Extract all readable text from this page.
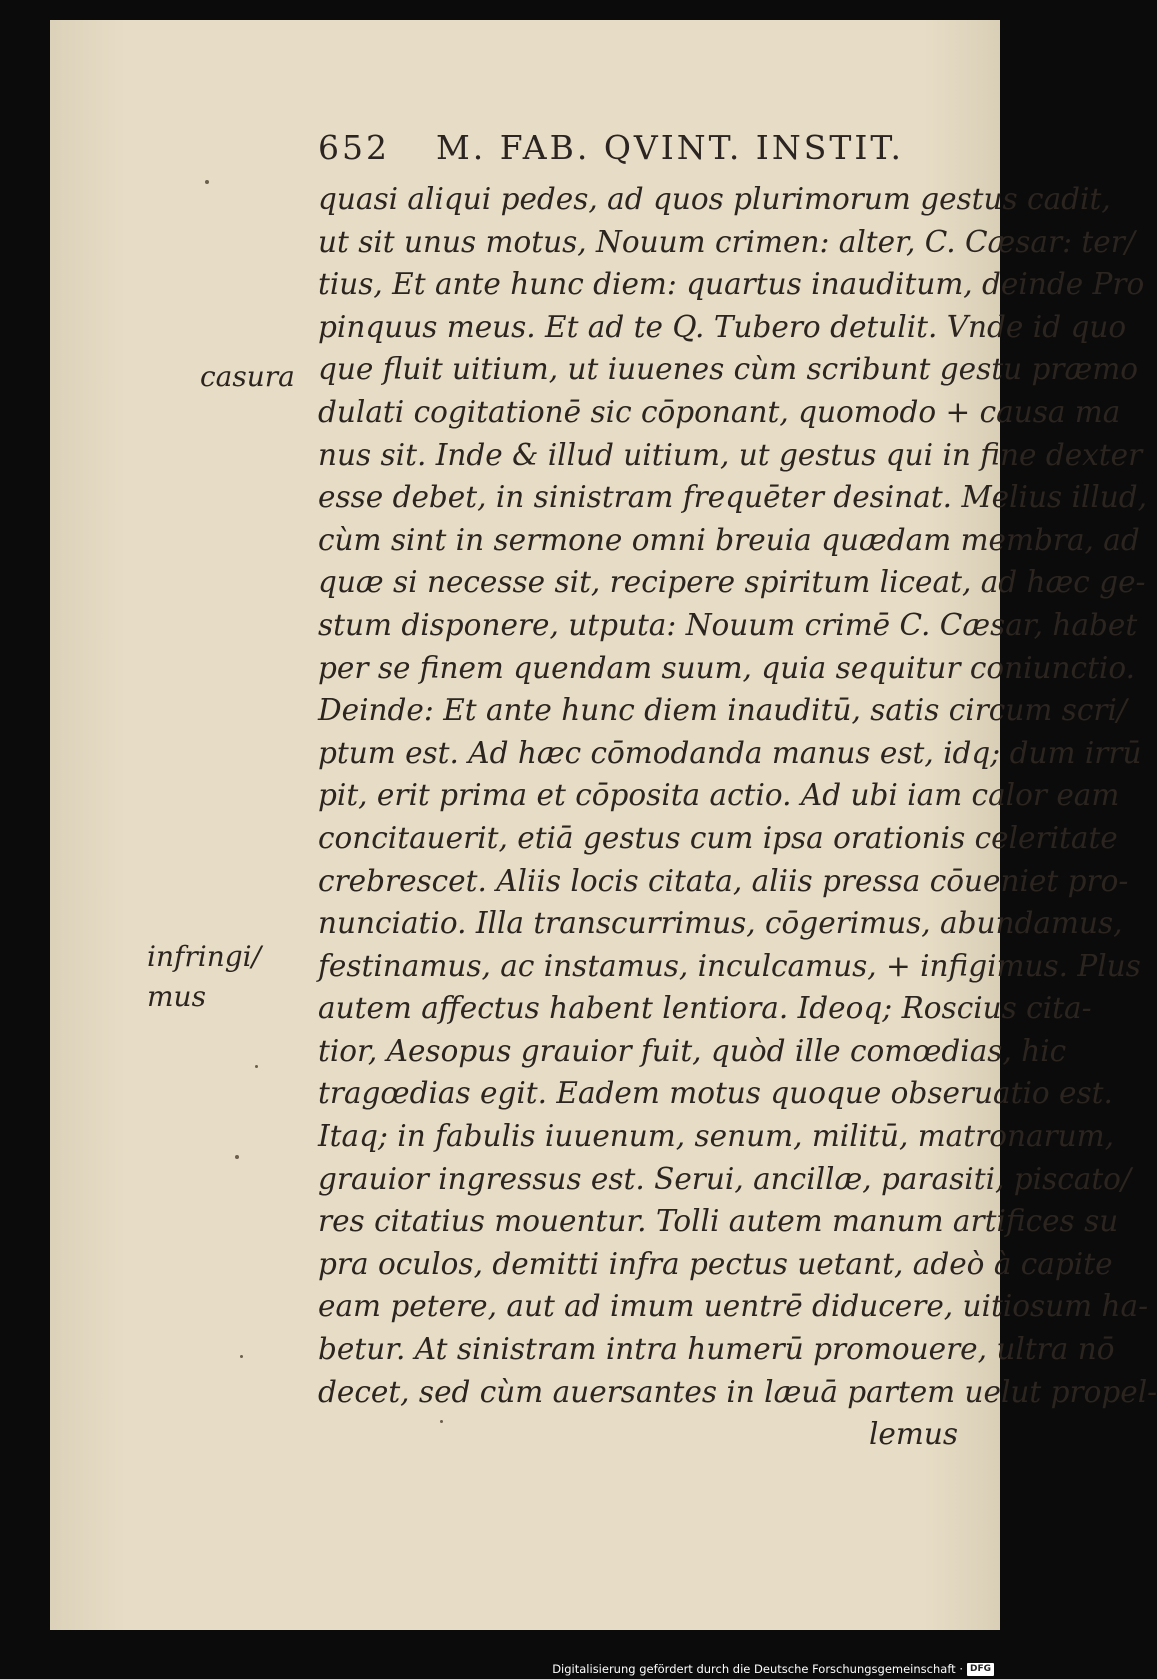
652 M. FAB. QVINT. INSTIT.
quasi aliqui pedes, ad quos plurimorum gestus cadit,
ut sit unus motus, Nouum crimen: alter, C. Cæsar: ter/
tius, Et ante hunc diem: quartus inauditum, deinde Pro
pinquus meus. Et ad te Q. Tubero detulit. Vnde id quo
que fluit uitium, ut iuuenes cùm scribunt gestu præmo
dulati cogitationē sic cōponant, quomodo + causa ma
nus sit. Inde & illud uitium, ut gestus qui in fine dexter
esse debet, in sinistram frequēter desinat. Melius illud,
cùm sint in sermone omni breuia quædam membra, ad
quæ si necesse sit, recipere spiritum liceat, ad hæc ge-
stum disponere, utputa: Nouum crimē C. Cæsar, habet
per se finem quendam suum, quia sequitur coniunctio.
Deinde: Et ante hunc diem inauditū, satis circum scri/
ptum est. Ad hæc cōmodanda manus est, idq; dum irrū
pit, erit prima et cōposita actio. Ad ubi iam calor eam
concitauerit, etiā gestus cum ipsa orationis celeritate
crebrescet. Aliis locis citata, aliis pressa cōueniet pro-
nunciatio. Illa transcurrimus, cōgerimus, abundamus,
festinamus, ac instamus, inculcamus, + infigimus. Plus
autem affectus habent lentiora. Ideoq; Roscius cita-
tior, Aesopus grauior fuit, quòd ille comœdias, hic
tragœdias egit. Eadem motus quoque obseruatio est.
Itaq; in fabulis iuuenum, senum, militū, matronarum,
grauior ingressus est. Serui, ancillæ, parasiti, piscato/
res citatius mouentur. Tolli autem manum artifices su
pra oculos, demitti infra pectus uetant, adeò à capite
eam petere, aut ad imum uentrē diducere, uitiosum ha-
betur. At sinistram intra humerū promouere, ultra nō
decet, sed cùm auersantes in læuā partem uelut propel-
lemus
casura
infringi/
mus
Digitalisierung gefördert durch die Deutsche Forschungsgemeinschaft · DFG
